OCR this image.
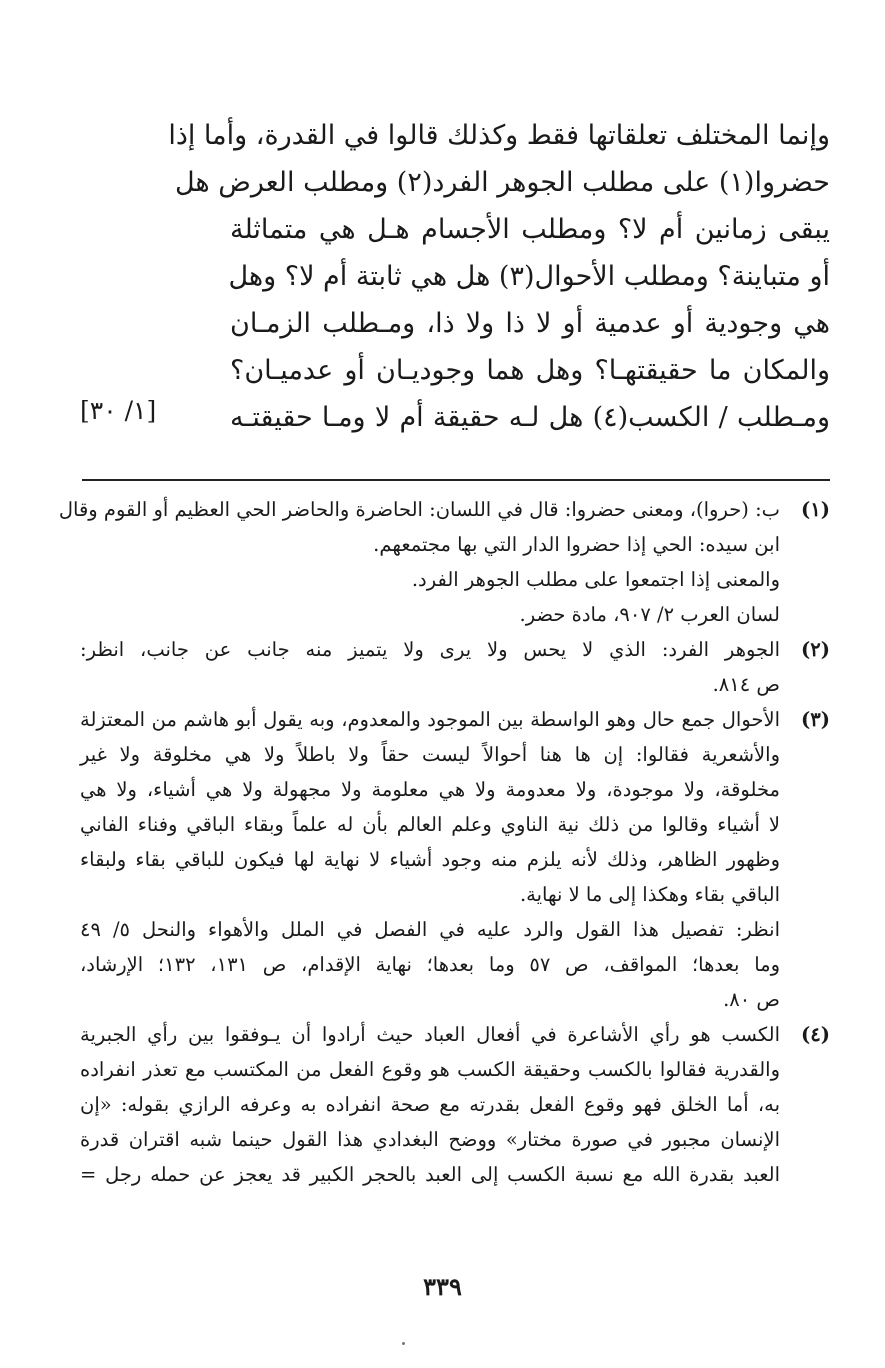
وإنما المختلف تعلقاتها فقط وكذلك قالوا في القدرة، وأما إذا
حضروا(١) على مطلب الجوهر الفرد(٢) ومطلب العرض هل
يبقى زمانين أم لا؟ ومطلب الأجسام هـل هي متماثلة
أو متباينة؟ ومطلب الأحوال(٣) هل هي ثابتة أم لا؟ وهل
هي وجودية أو عدمية أو لا ذا ولا ذا، ومـطلب الزمـان
والمكان ما حقيقتهـا؟ وهل هما وجوديـان أو عدميـان؟
ومـطلب / الكسب(٤) هل لـه حقيقة أم لا ومـا حقيقتـه
[١/ ٣٠]
(١)
ب: (حروا)، ومعنى حضروا: قال في اللسان: الحاضرة والحاضر الحي العظيم أو القوم وقال
ابن سيده: الحي إذا حضروا الدار التي بها مجتمعهم.
والمعنى إذا اجتمعوا على مطلب الجوهر الفرد.
لسان العرب ٢/ ٩٠٧، مادة حضر.
(٢)
الجوهر الفرد: الذي لا يحس ولا يرى ولا يتميز منه جانب عن جانب، انظر:
ص ٨١٤.
(٣)
الأحوال جمع حال وهو الواسطة بين الموجود والمعدوم، وبه يقول أبو هاشم من المعتزلة
والأشعرية فقالوا: إن ها هنا أحوالاً ليست حقاً ولا باطلاً ولا هي مخلوقة ولا غير
مخلوقة، ولا موجودة، ولا معدومة ولا هي معلومة ولا مجهولة ولا هي أشياء، ولا هي
لا أشياء وقالوا من ذلك نية الناوي وعلم العالم بأن له علماً وبقاء الباقي وفناء الفاني
وظهور الظاهر، وذلك لأنه يلزم منه وجود أشياء لا نهاية لها فيكون للباقي بقاء ولبقاء
الباقي بقاء وهكذا إلى ما لا نهاية.
انظر: تفصيل هذا القول والرد عليه في الفصل في الملل والأهواء والنحل ٥/ ٤٩
وما بعدها؛ المواقف، ص ٥٧ وما بعدها؛ نهاية الإقدام، ص ١٣١، ١٣٢؛ الإرشاد،
ص ٨٠.
(٤)
الكسب هو رأي الأشاعرة في أفعال العباد حيث أرادوا أن يـوفقوا بين رأي الجبرية
والقدرية فقالوا بالكسب وحقيقة الكسب هو وقوع الفعل من المكتسب مع تعذر انفراده
به، أما الخلق فهو وقوع الفعل بقدرته مع صحة انفراده به وعرفه الرازي بقوله: «إن
الإنسان مجبور في صورة مختار» ووضح البغدادي هذا القول حينما شبه اقتران قدرة
العبد بقدرة الله مع نسبة الكسب إلى العبد بالحجر الكبير قد يعجز عن حمله رجل =
٣٣٩
